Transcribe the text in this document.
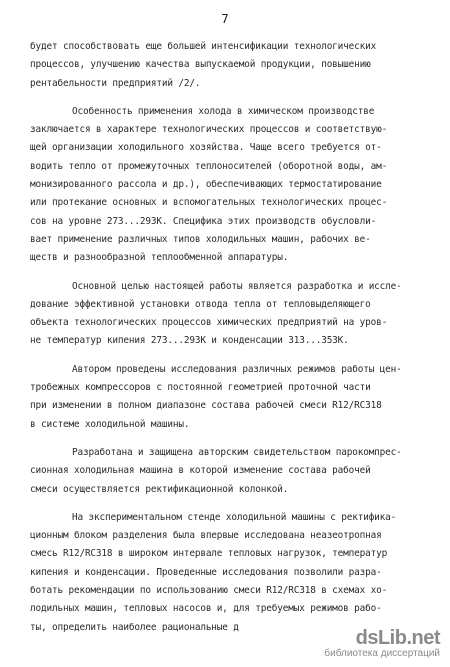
7
будет способствовать еще большей интенсификации технологических
процессов, улучшению качества выпускаемой продукции, повышению
рентабельности предприятий /2/.
Особенность применения холода в химическом производстве
заключается в характере технологических процессов и соответствую-
щей организации холодильного хозяйства. Чаще всего требуется от-
водить тепло от промежуточных теплоносителей (оборотной воды, ам-
монизированного рассола и др.), обеспечивающих термостатирование
или протекание основных и вспомогательных технологических процес-
сов на уровне 273...293К. Специфика этих производств обусловли-
вает применение различных типов холодильных машин, рабочих ве-
ществ и разнообразной теплообменной аппаратуры.
Основной целью настоящей работы является разработка и иссле-
дование эффективной установки отвода тепла от тепловыделяющего
объекта технологических процессов химических предприятий на уров-
не температур кипения 273...293К и конденсации 313...353К.
Автором проведены исследования различных режимов работы цен-
тробежных компрессоров с постоянной геометрией проточной части
при изменении в полном диапазоне состава рабочей смеси R12/RC318
в системе холодильной машины.
Разработана и защищена авторским свидетельством парокомпрес-
сионная холодильная машина в которой изменение состава рабочей
смеси осуществляется ректификационной колонкой.
На экспериментальном стенде холодильной машины с ректифика-
ционным блоком разделения была впервые исследована неазеотропная
смесь R12/RC318 в широком интервале тепловых нагрузок, температур
кипения и конденсации. Проведенные исследования позволили разра-
ботать рекомендации по использованию смеси R12/RC318 в схемах хо-
лодильных машин, тепловых насосов и, для требуемых режимов рабо-
ты, определить наиболее рациональные д	dsLib.net
библиотека диссертаций
